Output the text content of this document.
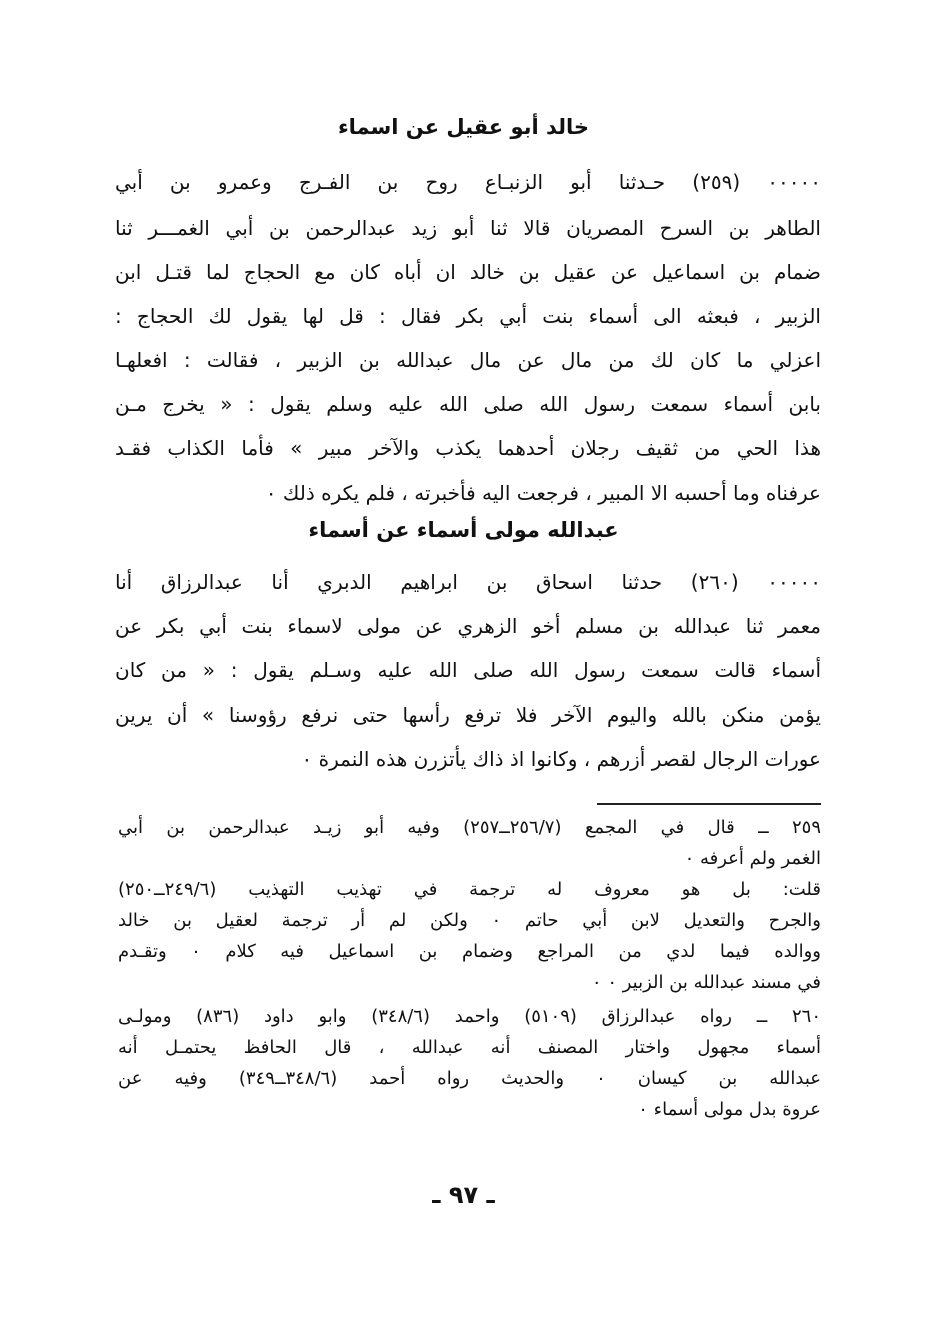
خالد أبو عقيل عن اسماء
٠٠٠٠٠ (٢٥٩) حـدثنا أبو الزنبـاع روح بن الفـرج وعمرو بن أبي
الطاهر بن السرح المصريان قالا ثنا أبو زيد عبدالرحمن بن أبي الغمـــر ثنا
ضمام بن اسماعيل عن عقيل بن خالد ان أباه كان مع الحجاج لما قتـل ابن
الزبير ، فبعثه الى أسماء بنت أبي بكر فقال : قل لها يقول لك الحجاج :
اعزلي ما كان لك من مال عن مال عبدالله بن الزبير ، فقالت : افعلهـا
بابن أسماء سمعت رسول الله صلى الله عليه وسلم يقول : « يخرج مـن
هذا الحي من ثقيف رجلان أحدهما يكذب والآخر مبير » فأما الكذاب فقـد
عرفناه وما أحسبه الا المبير ، فرجعت اليه فأخبرته ، فلم يكره ذلك ٠
عبدالله مولى أسماء عن أسماء
٠٠٠٠٠ (٢٦٠) حدثنا اسحاق بن ابراهيم الدبري أنا عبدالرزاق أنا
معمر ثنا عبدالله بن مسلم أخو الزهري عن مولى لاسماء بنت أبي بكر عن
أسماء قالت سمعت رسول الله صلى الله عليه وسـلم يقول : « من كان
يؤمن منكن بالله واليوم الآخر فلا ترفع رأسها حتى نرفع رؤوسنا » أن يرين
عورات الرجال لقصر أزرهم ، وكانوا اذ ذاك يأتزرن هذه النمرة ٠
٢٥٩ ــ قال في المجمع (٢٥٦/٧ــ٢٥٧) وفيه أبو زيـد عبدالرحمن بن أبي
الغمر ولم أعرفه ٠
قلت: بل هو معروف له ترجمة في تهذيب التهذيب (٢٤٩/٦ــ٢٥٠)
والجرح والتعديل لابن أبي حاتم ٠ ولكن لم أر ترجمة لعقيل بن خالد
ووالده فيما لدي من المراجع وضمام بن اسماعيل فيه كلام ٠ وتقـدم
في مسند عبدالله بن الزبير ٠ ٠
٢٦٠ ــ رواه عبدالرزاق (٥١٠٩) واحمد (٣٤٨/٦) وابو داود (٨٣٦) ومولـى
أسماء مجهول واختار المصنف أنه عبدالله ، قال الحافظ يحتمـل أنه
عبدالله بن كيسان ٠ والحديث رواه أحمد (٣٤٨/٦ــ٣٤٩) وفيه عن
عروة بدل مولى أسماء ٠
ـ ٩٧ ـ
